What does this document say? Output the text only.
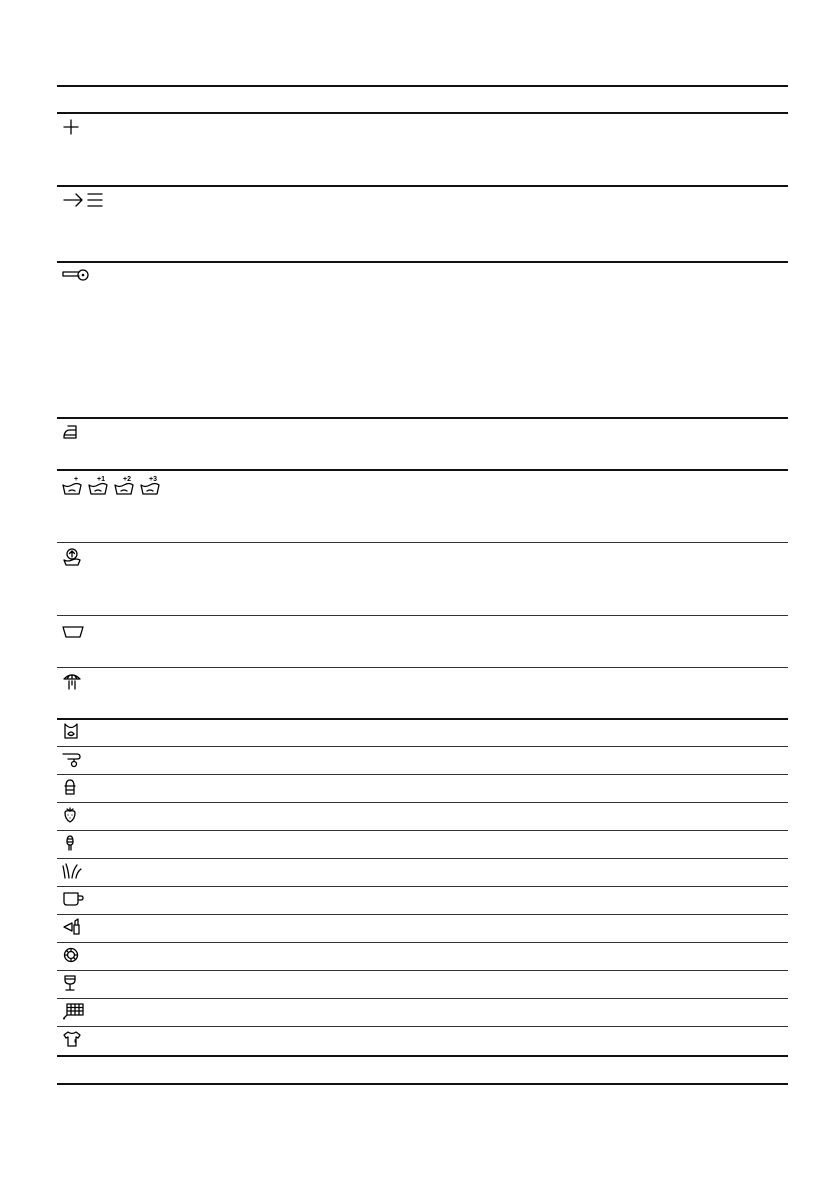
+	+1	+2	+3
